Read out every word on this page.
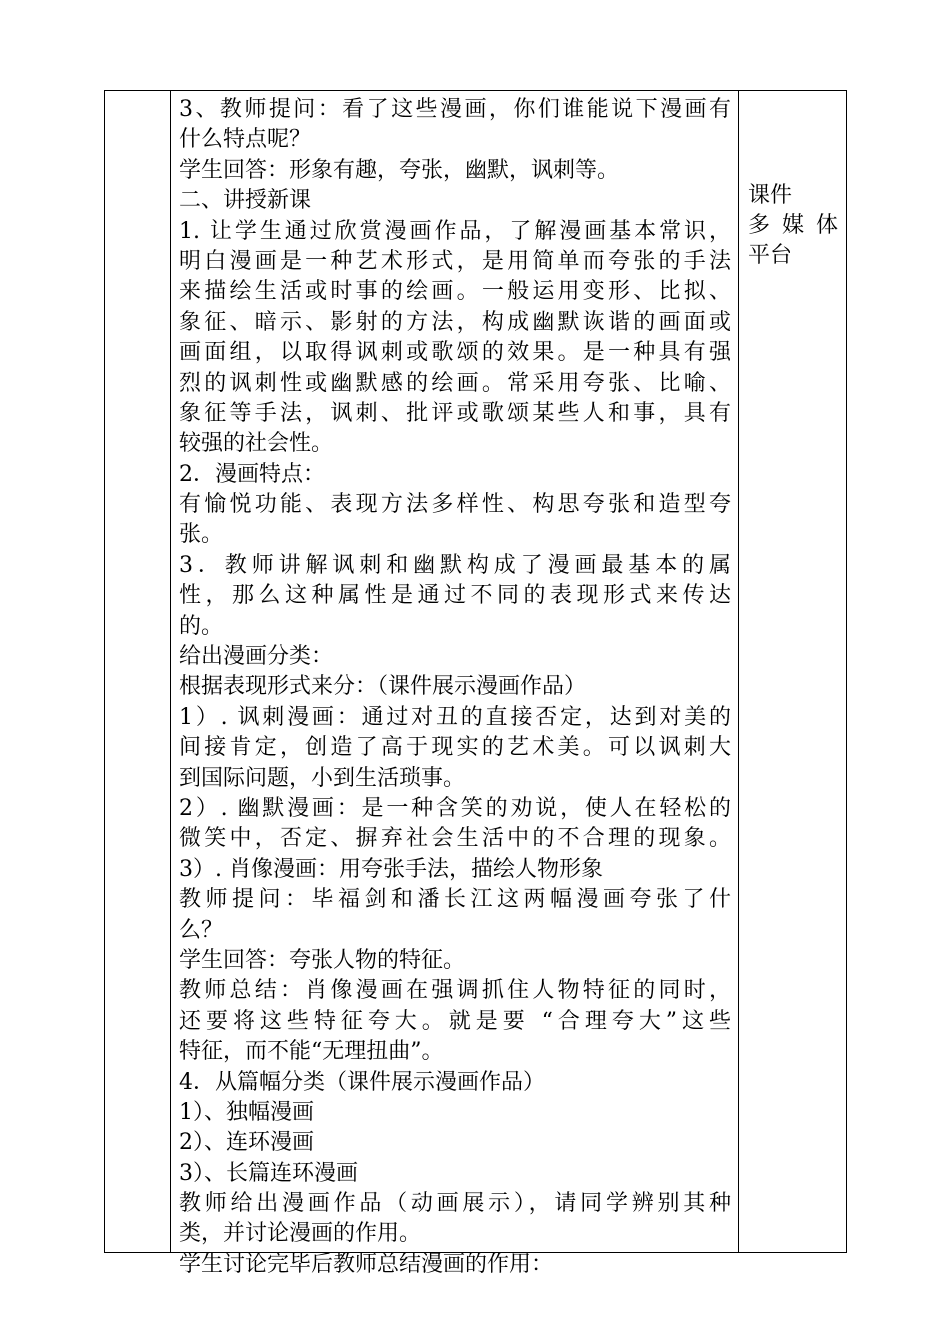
3、教师提问：看了这些漫画，你们谁能说下漫画有
什么特点呢？
学生回答：形象有趣，夸张，幽默，讽刺等。
二、讲授新课
1. 让学生通过欣赏漫画作品，了解漫画基本常识，
明白漫画是一种艺术形式，是用简单而夸张的手法
来描绘生活或时事的绘画。一般运用变形、比拟、
象征、暗示、影射的方法，构成幽默诙谐的画面或
画面组，以取得讽刺或歌颂的效果。是一种具有强
烈的讽刺性或幽默感的绘画。常采用夸张、比喻、
象征等手法，讽刺、批评或歌颂某些人和事，具有
较强的社会性。
2．漫画特点：
有愉悦功能、表现方法多样性、构思夸张和造型夸
张。
3．教师讲解讽刺和幽默构成了漫画最基本的属
性，那么这种属性是通过不同的表现形式来传达
的。
给出漫画分类：
根据表现形式来分：（课件展示漫画作品）
1）. 讽刺漫画：通过对丑的直接否定，达到对美的
间接肯定，创造了高于现实的艺术美。可以讽刺大
到国际问题，小到生活琐事。
2）. 幽默漫画：是一种含笑的劝说，使人在轻松的
微笑中，否定、摒弃社会生活中的不合理的现象。
3）. 肖像漫画：用夸张手法，描绘人物形象
教师提问：毕福剑和潘长江这两幅漫画夸张了什
么？
学生回答：夸张人物的特征。
教师总结：肖像漫画在强调抓住人物特征的同时，
还要将这些特征夸大。就是要 “合理夸大”这些
特征，而不能“无理扭曲”。
4．从篇幅分类（课件展示漫画作品）
1）、独幅漫画
2）、连环漫画
3）、长篇连环漫画
教师给出漫画作品（动画展示），请同学辨别其种
类，并讨论漫画的作用。
学生讨论完毕后教师总结漫画的作用：
课件
多 媒 体
平台
